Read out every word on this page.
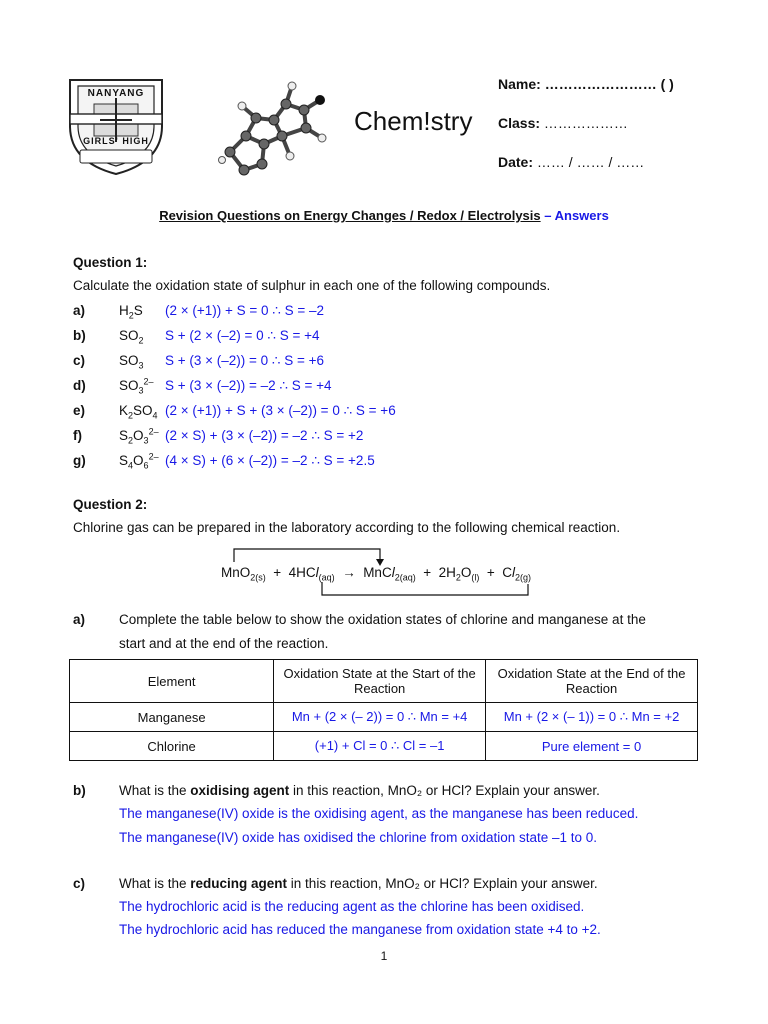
NANYANG
GIRLS' HIGH
Chem!stry
Name: …………………… ( )
Class: ………………
Date: …… / …… / ……
Revision Questions on Energy Changes / Redox / Electrolysis – Answers
Question 1:
Calculate the oxidation state of sulphur in each one of the following compounds.
a)	$H_2S$ (2 × (+1)) + S = 0 ∴ S = –2
b) $SO_2$ S + (2 × (–2) = 0 ∴ S = +4
c)	$SO_3$ S + (3 × (–2)) = 0 ∴ S = +6
d) $SO_3^{2-}$ S + (3 × (–2)) = –2 ∴ S = +4
e)	$K_2SO_4$ (2 × (+1)) + S + (3 × (–2)) = 0 ∴ S = +6
f)	$S_2O_3^{2-}$ (2 × S) + (3 × (–2)) = –2 ∴ S = +2
g) $S_4O_6^{2-}$ (4 × S) + (6 × (–2)) = –2 ∴ S = +2.5
Question 2:
Chlorine gas can be prepared in the laboratory according to the following chemical reaction.
MnO$_{2(s)}$  +  4HCl$_{(aq)}$  →  MnCl$_{2(aq)}$  +  $2H_2O_{(l)} + Cl_{2(g)}$
a)	Complete the table below to show the oxidation states of chlorine and manganese at the
start and at the end of the reaction.
Element	Oxidation State at the Start of the Reaction	Oxidation State at the End of the Reaction
Manganese	Mn + (2 × (– 2)) = 0 ∴ Mn = +4	Mn + (2 × (– 1)) = 0 ∴ Mn = +2
Chlorine	(+1) + Cl = 0 ∴ Cl = –1	Pure element = 0
b) What is the oxidising agent in this reaction, MnO₂ or HCl? Explain your answer.
The manganese(IV) oxide is the oxidising agent, as the manganese has been reduced.
The manganese(IV) oxide has oxidised the chlorine from oxidation state –1 to 0.
c)	What is the reducing agent in this reaction, MnO₂ or HCl? Explain your answer.
The hydrochloric acid is the reducing agent as the chlorine has been oxidised.
The hydrochloric acid has reduced the manganese from oxidation state +4 to +2.
1
